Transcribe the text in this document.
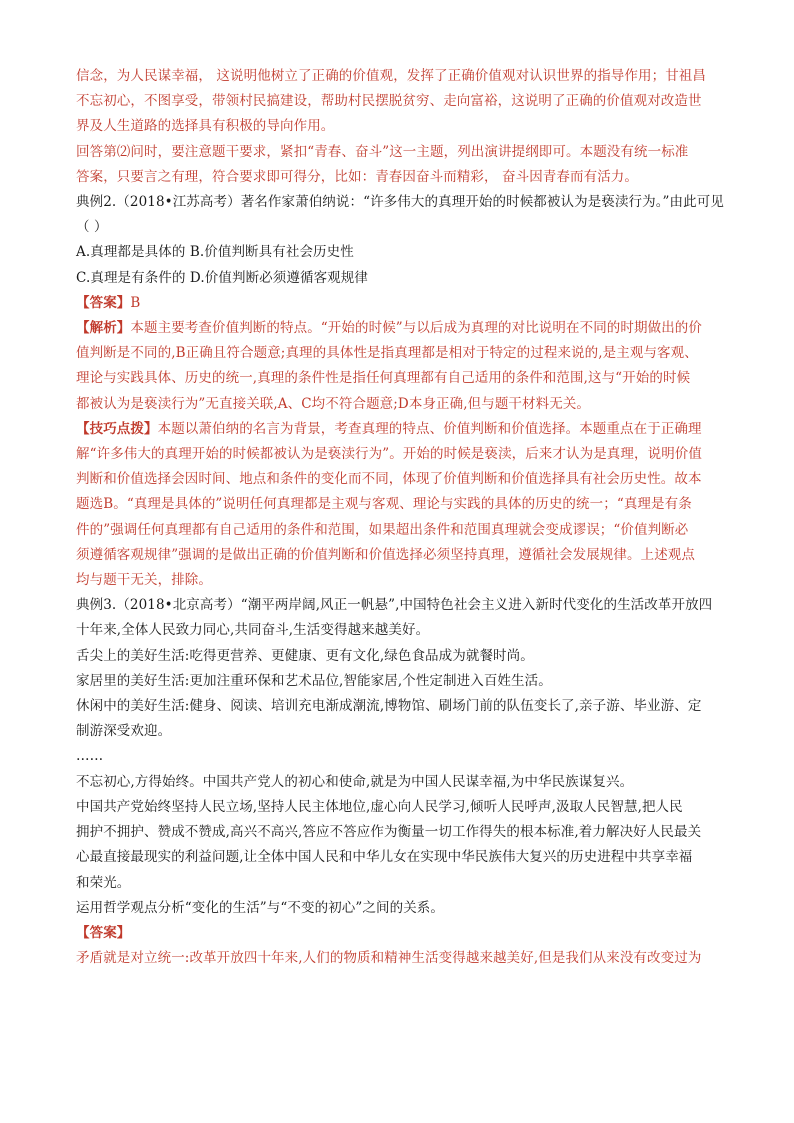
信念，为人民谋幸福， 这说明他树立了正确的价值观，发挥了正确价值观对认识世界的指导作用；甘祖昌
不忘初心，不图享受，带领村民搞建设，帮助村民摆脱贫穷、走向富裕，这说明了正确的价值观对改造世
界及人生道路的选择具有积极的导向作用。
回答第⑵问时，要注意题干要求，紧扣“青春、奋斗”这一主题，列出演讲提纲即可。本题没有统一标准
答案，只要言之有理，符合要求即可得分，比如：青春因奋斗而精彩， 奋斗因青春而有活力。
典例2.（2018•江苏高考）著名作家萧伯纳说：“许多伟大的真理开始的时候都被认为是亵渎行为。”由此可见
（ ）
A.真理都是具体的 B.价值判断具有社会历史性
C.真理是有条件的 D.价值判断必须遵循客观规律
【答案】B
【解析】本题主要考查价值判断的特点。“开始的时候”与以后成为真理的对比说明在不同的时期做出的价
值判断是不同的,B正确且符合题意;真理的具体性是指真理都是相对于特定的过程来说的,是主观与客观、
理论与实践具体、历史的统一,真理的条件性是指任何真理都有自己适用的条件和范围,这与“开始的时候
都被认为是亵渎行为”无直接关联,A、C均不符合题意;D本身正确,但与题干材料无关。
【技巧点拨】本题以萧伯纳的名言为背景，考查真理的特点、价值判断和价值选择。本题重点在于正确理
解“许多伟大的真理开始的时候都被认为是亵渎行为”。开始的时候是亵渎，后来才认为是真理，说明价值
判断和价值选择会因时间、地点和条件的变化而不同，体现了价值判断和价值选择具有社会历史性。故本
题选B。“真理是具体的”说明任何真理都是主观与客观、理论与实践的具体的历史的统一；“真理是有条
件的”强调任何真理都有自己适用的条件和范围，如果超出条件和范围真理就会变成谬误；“价值判断必
须遵循客观规律”强调的是做出正确的价值判断和价值选择必须坚持真理，遵循社会发展规律。上述观点
均与题干无关，排除。
典例3.（2018•北京高考）“潮平两岸阔,风正一帆悬”,中国特色社会主义进入新时代变化的生活改革开放四
十年来,全体人民致力同心,共同奋斗,生活变得越来越美好。
舌尖上的美好生活:吃得更营养、更健康、更有文化,绿色食品成为就餐时尚。
家居里的美好生活:更加注重环保和艺术品位,智能家居,个性定制进入百姓生活。
休闲中的美好生活:健身、阅读、培训充电渐成潮流,博物馆、刷场门前的队伍变长了,亲子游、毕业游、定
制游深受欢迎。
……
不忘初心,方得始终。中国共产党人的初心和使命,就是为中国人民谋幸福,为中华民族谋复兴。
中国共产党始终坚持人民立场,坚持人民主体地位,虚心向人民学习,倾听人民呼声,汲取人民智慧,把人民
拥护不拥护、赞成不赞成,高兴不高兴,答应不答应作为衡量一切工作得失的根本标准,着力解决好人民最关
心最直接最现实的利益问题,让全体中国人民和中华儿女在实现中华民族伟大复兴的历史进程中共享幸福
和荣光。
运用哲学观点分析“变化的生活”与“不变的初心”之间的关系。
【答案】
矛盾就是对立统一:改革开放四十年来,人们的物质和精神生活变得越来越美好,但是我们从来没有改变过为
